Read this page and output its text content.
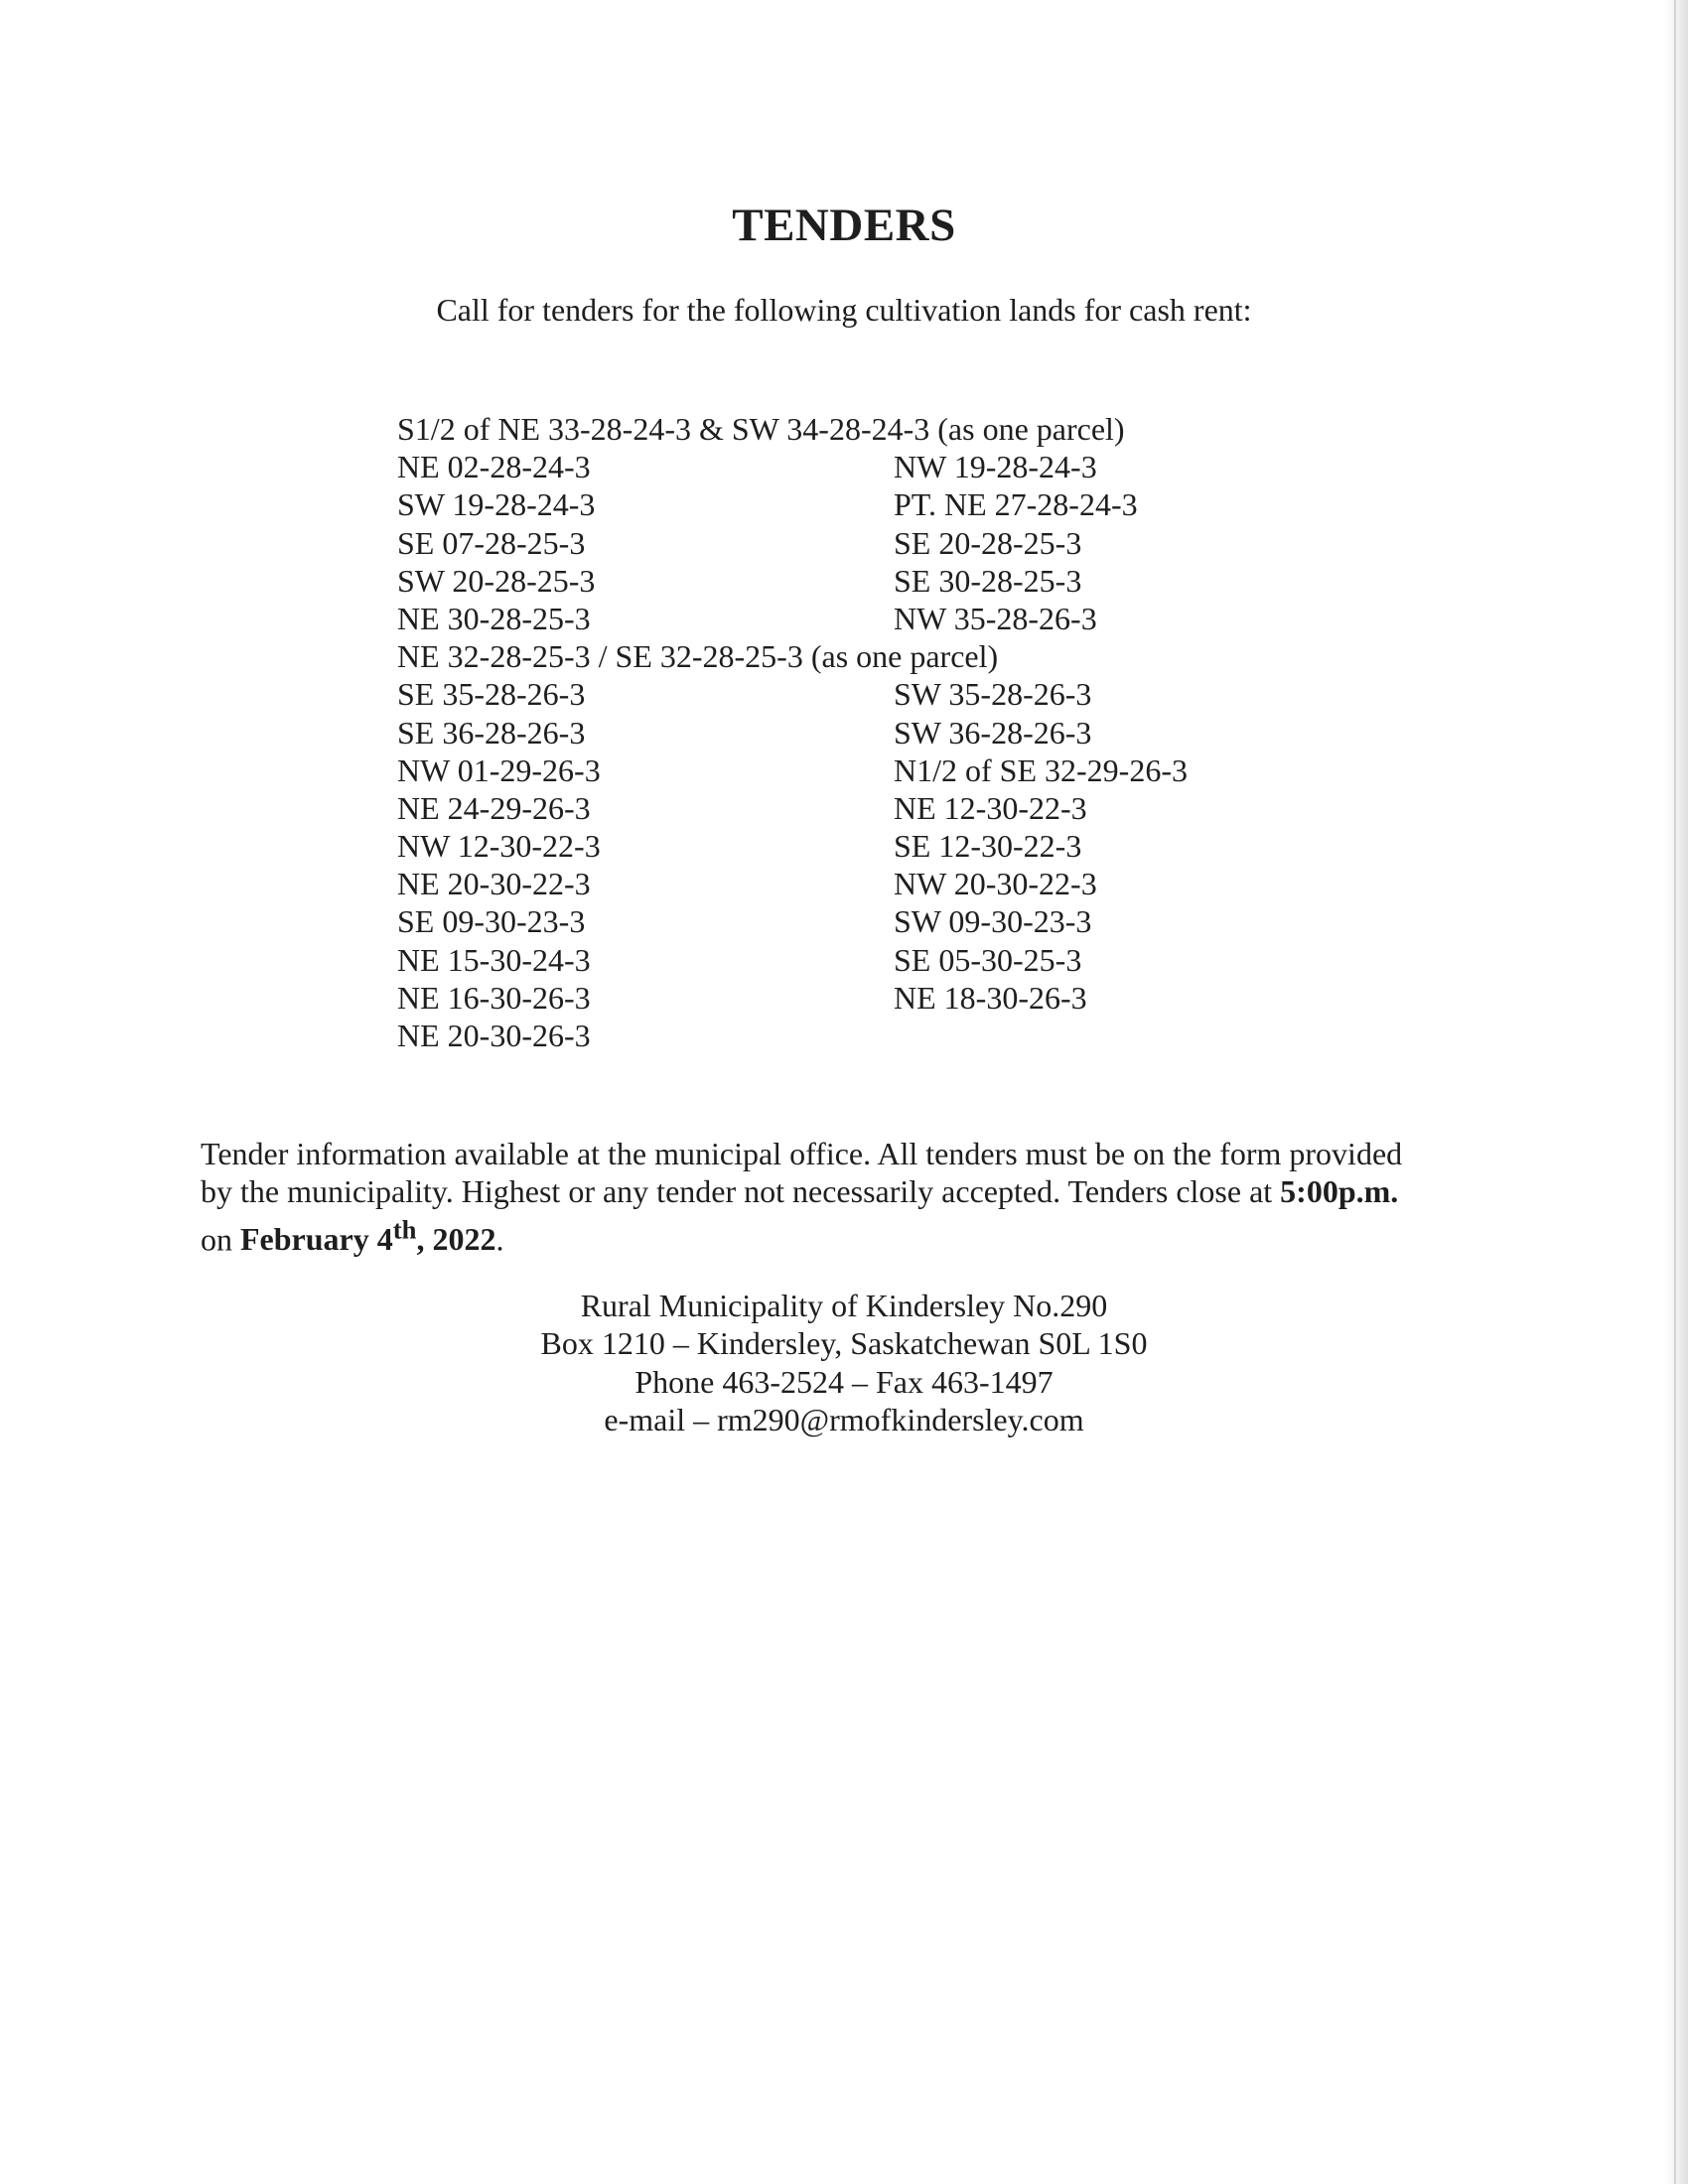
TENDERS
Call for tenders for the following cultivation lands for cash rent:
S1/2 of NE 33-28-24-3 & SW 34-28-24-3 (as one parcel)
NE 02-28-24-3	NW 19-28-24-3
SW 19-28-24-3	PT. NE 27-28-24-3
SE 07-28-25-3	SE 20-28-25-3
SW 20-28-25-3	SE 30-28-25-3
NE 30-28-25-3	NW 35-28-26-3
NE 32-28-25-3 / SE 32-28-25-3 (as one parcel)
SE 35-28-26-3	SW 35-28-26-3
SE 36-28-26-3	SW 36-28-26-3
NW 01-29-26-3	N1/2 of SE 32-29-26-3
NE 24-29-26-3	NE 12-30-22-3
NW 12-30-22-3	SE 12-30-22-3
NE 20-30-22-3	NW 20-30-22-3
SE 09-30-23-3	SW 09-30-23-3
NE 15-30-24-3	SE 05-30-25-3
NE 16-30-26-3	NE 18-30-26-3
NE 20-30-26-3

Tender information available at the municipal office. All tenders must be on the form provided

by the municipality. Highest or any tender not necessarily accepted. Tenders close at 5:00p.m.

on February 4th, 2022.

Rural Municipality of Kindersley No.290
Box 1210 – Kindersley, Saskatchewan S0L 1S0
Phone 463-2524 – Fax 463-1497
e-mail – rm290@rmofkindersley.com
